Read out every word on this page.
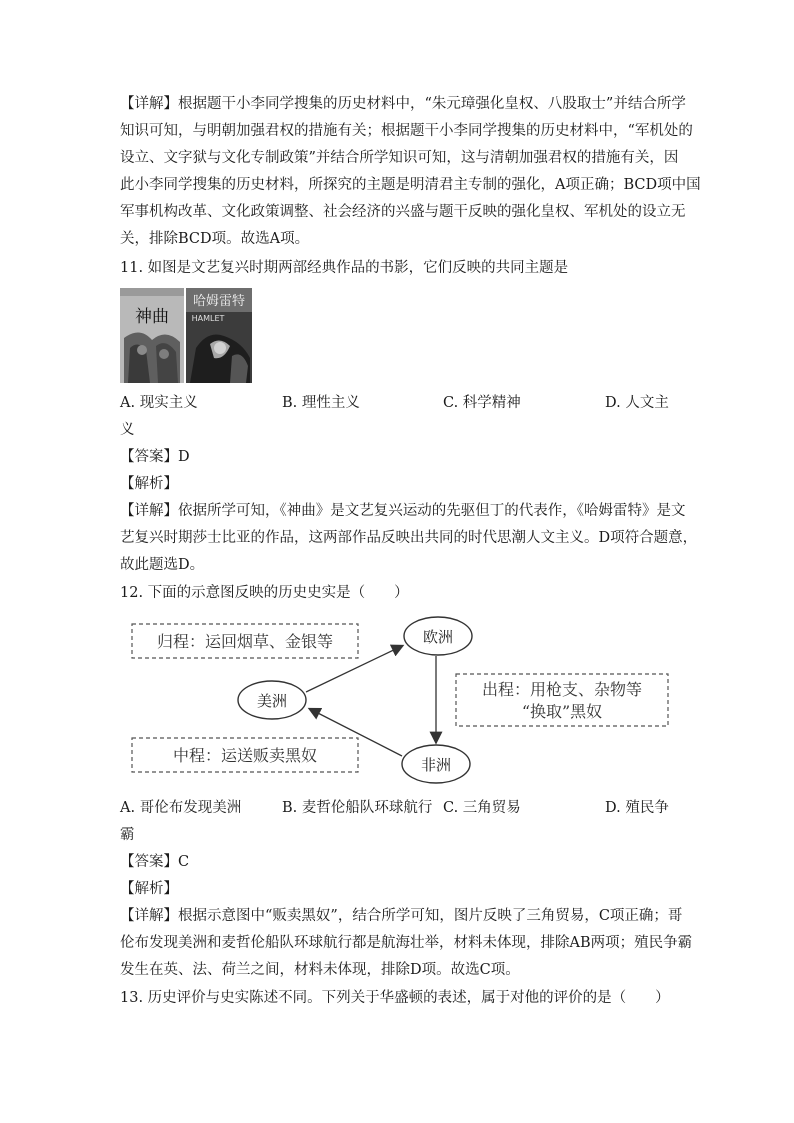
【详解】根据题干小李同学搜集的历史材料中，“朱元璋强化皇权、八股取士”并结合所学
知识可知，与明朝加强君权的措施有关；根据题干小李同学搜集的历史材料中，“军机处的
设立、文字狱与文化专制政策”并结合所学知识可知，这与清朝加强君权的措施有关，因
此小李同学搜集的历史材料，所探究的主题是明清君主专制的强化，A项正确；BCD项中国
军事机构改革、文化政策调整、社会经济的兴盛与题干反映的强化皇权、军机处的设立无
关，排除BCD项。故选A项。
11. 如图是文艺复兴时期两部经典作品的书影，它们反映的共同主题是
神曲
哈姆雷特
HAMLET
A. 现实主义	B. 理性主义	C. 科学精神	D. 人文主
义
【答案】D
【解析】
【详解】依据所学可知，《神曲》是文艺复兴运动的先驱但丁的代表作，《哈姆雷特》是文
艺复兴时期莎士比亚的作品，这两部作品反映出共同的时代思潮人文主义。D项符合题意，
故此题选D。
12. 下面的示意图反映的历史史实是（　　）
归程：运回烟草、金银等
出程：用枪支、杂物等
“换取”黑奴
中程：运送贩卖黑奴
欧洲
美洲
非洲
A. 哥伦布发现美洲	B. 麦哲伦船队环球航行 C. 三角贸易	D. 殖民争
霸
【答案】C
【解析】
【详解】根据示意图中“贩卖黑奴”，结合所学可知，图片反映了三角贸易，C项正确；哥
伦布发现美洲和麦哲伦船队环球航行都是航海壮举，材料未体现，排除AB两项；殖民争霸
发生在英、法、荷兰之间，材料未体现，排除D项。故选C项。
13. 历史评价与史实陈述不同。下列关于华盛顿的表述，属于对他的评价的是（　　）
